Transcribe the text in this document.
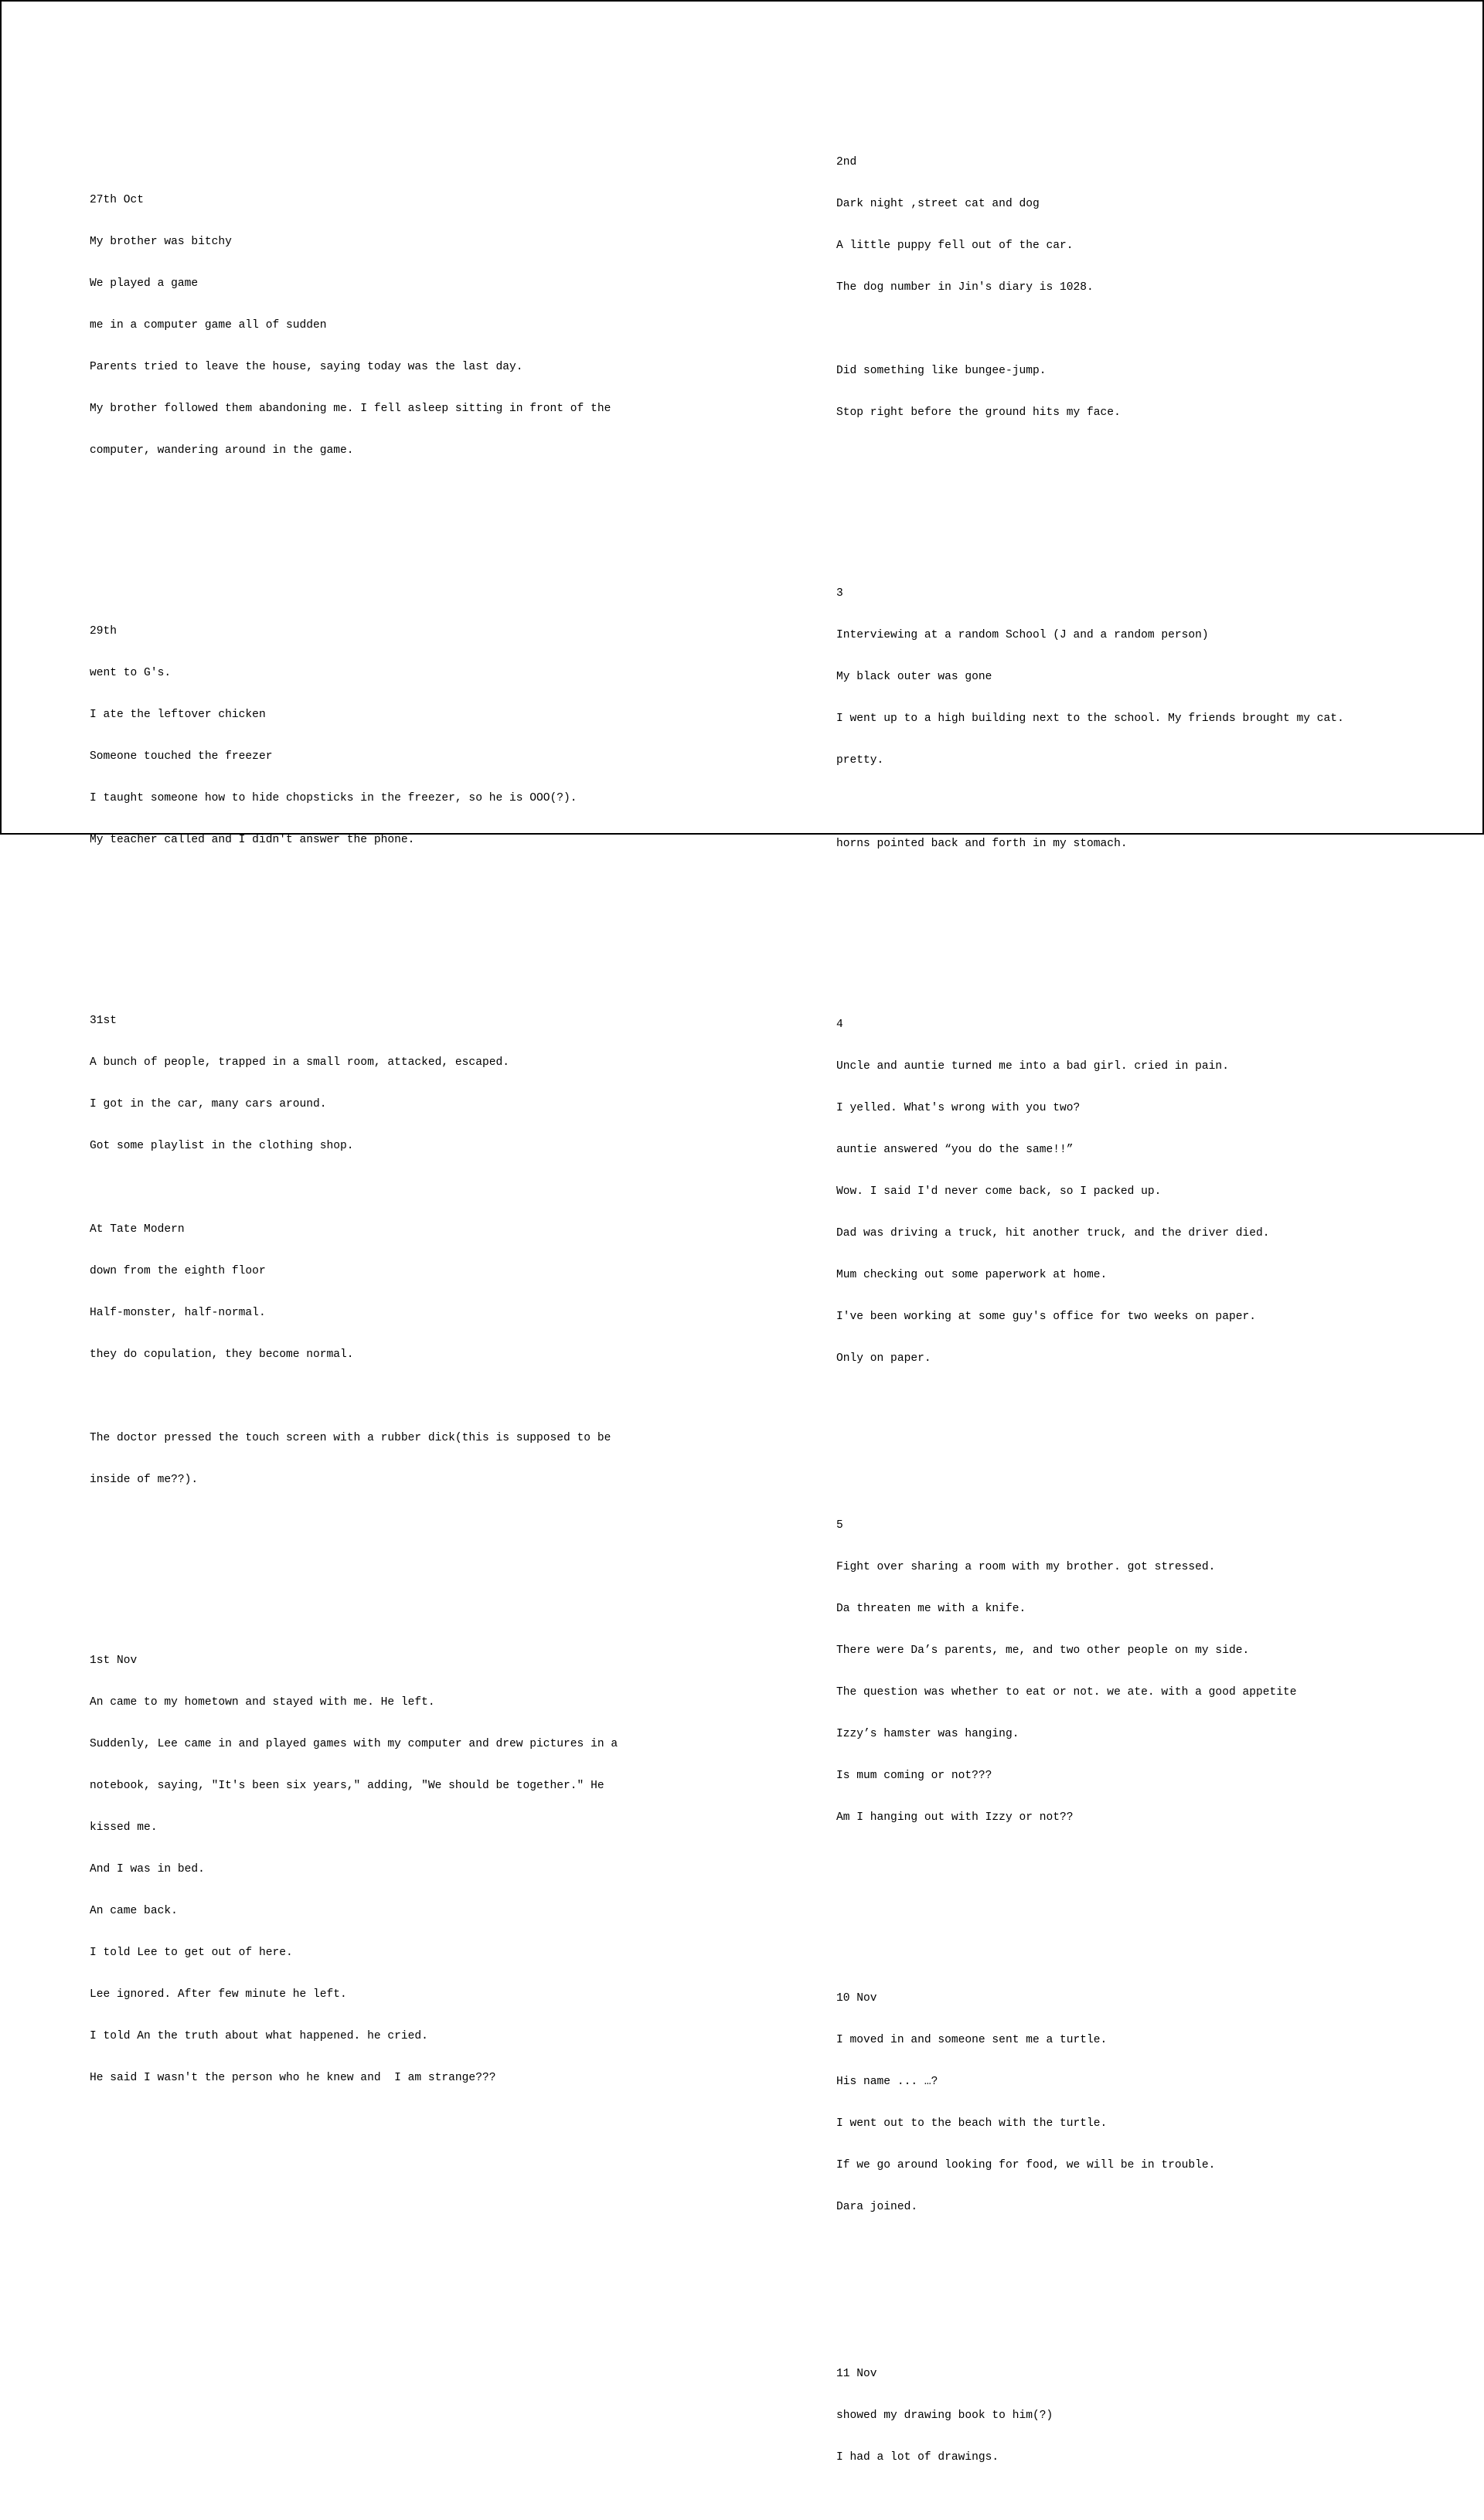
27th Oct

My brother was bitchy

We played a game

me in a computer game all of sudden

Parents tried to leave the house, saying today was the last day.

My brother followed them abandoning me. I fell asleep sitting in front of the

computer, wandering around in the game.

29th

went to G's.

I ate the leftover chicken

Someone touched the freezer

I taught someone how to hide chopsticks in the freezer, so he is OOO(?).

My teacher called and I didn't answer the phone.

31st

A bunch of people, trapped in a small room, attacked, escaped.

I got in the car, many cars around.

Got some playlist in the clothing shop.

At Tate Modern

down from the eighth floor

Half-monster, half-normal.

they do copulation, they become normal.

The doctor pressed the touch screen with a rubber dick(this is supposed to be

inside of me??).

1st Nov

An came to my hometown and stayed with me. He left.

Suddenly, Lee came in and played games with my computer and drew pictures in a

notebook, saying, "It's been six years," adding, "We should be together." He

kissed me.

And I was in bed.

An came back.

I told Lee to get out of here.

Lee ignored. After few minute he left.

I told An the truth about what happened. he cried.

He said I wasn't the person who he knew and  I am strange???

2nd

Dark night ,street cat and dog

A little puppy fell out of the car.

The dog number in Jin's diary is 1028.

Did something like bungee-jump.

Stop right before the ground hits my face.

3

Interviewing at a random School (J and a random person)

My black outer was gone

I went up to a high building next to the school. My friends brought my cat.

pretty.

horns pointed back and forth in my stomach.

4

Uncle and auntie turned me into a bad girl. cried in pain.

I yelled. What's wrong with you two?

auntie answered “you do the same!!”

Wow. I said I'd never come back, so I packed up.

Dad was driving a truck, hit another truck, and the driver died.

Mum checking out some paperwork at home.

I've been working at some guy's office for two weeks on paper.

Only on paper.

5

Fight over sharing a room with my brother. got stressed.

Da threaten me with a knife.

There were Da’s parents, me, and two other people on my side.

The question was whether to eat or not. we ate. with a good appetite

Izzy’s hamster was hanging.

Is mum coming or not???

Am I hanging out with Izzy or not??

10 Nov

I moved in and someone sent me a turtle.

His name ... …?

I went out to the beach with the turtle.

If we go around looking for food, we will be in trouble.

Dara joined.

11 Nov

showed my drawing book to him(?)

I had a lot of drawings.
